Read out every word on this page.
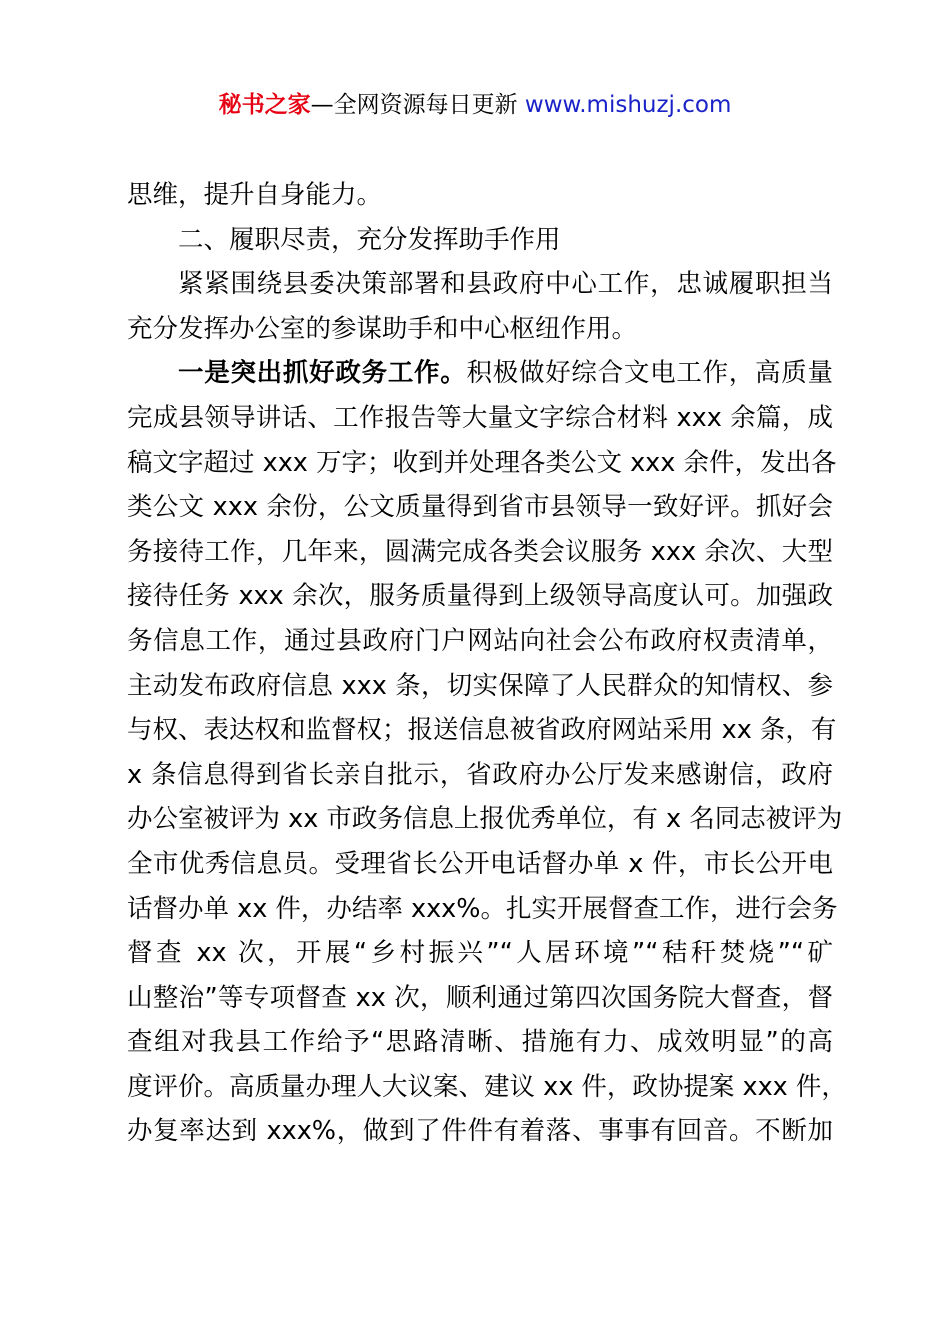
秘书之家—全网资源每日更新 www.mishuzj.com
思维，提升自身能力。
二、履职尽责，充分发挥助手作用
紧紧围绕县委决策部署和县政府中心工作，忠诚履职担当
充分发挥办公室的参谋助手和中心枢纽作用。
一是突出抓好政务工作。积极做好综合文电工作，高质量
完成县领导讲话、工作报告等大量文字综合材料 xxx 余篇，成
稿文字超过 xxx 万字；收到并处理各类公文 xxx 余件，发出各
类公文 xxx 余份，公文质量得到省市县领导一致好评。抓好会
务接待工作，几年来，圆满完成各类会议服务 xxx 余次、大型
接待任务 xxx 余次，服务质量得到上级领导高度认可。加强政
务信息工作，通过县政府门户网站向社会公布政府权责清单，
主动发布政府信息 xxx 条，切实保障了人民群众的知情权、参
与权、表达权和监督权；报送信息被省政府网站采用 xx 条，有
x 条信息得到省长亲自批示，省政府办公厅发来感谢信，政府
办公室被评为 xx 市政务信息上报优秀单位，有 x 名同志被评为
全市优秀信息员。受理省长公开电话督办单 x 件，市长公开电
话督办单 xx 件，办结率 xxx%。扎实开展督查工作，进行会务
督查 xx 次，开展“乡村振兴”“人居环境”“秸秆焚烧”“矿
山整治”等专项督查 xx 次，顺利通过第四次国务院大督查，督
查组对我县工作给予“思路清晰、措施有力、成效明显”的高
度评价。高质量办理人大议案、建议 xx 件，政协提案 xxx 件，
办复率达到 xxx%，做到了件件有着落、事事有回音。不断加
